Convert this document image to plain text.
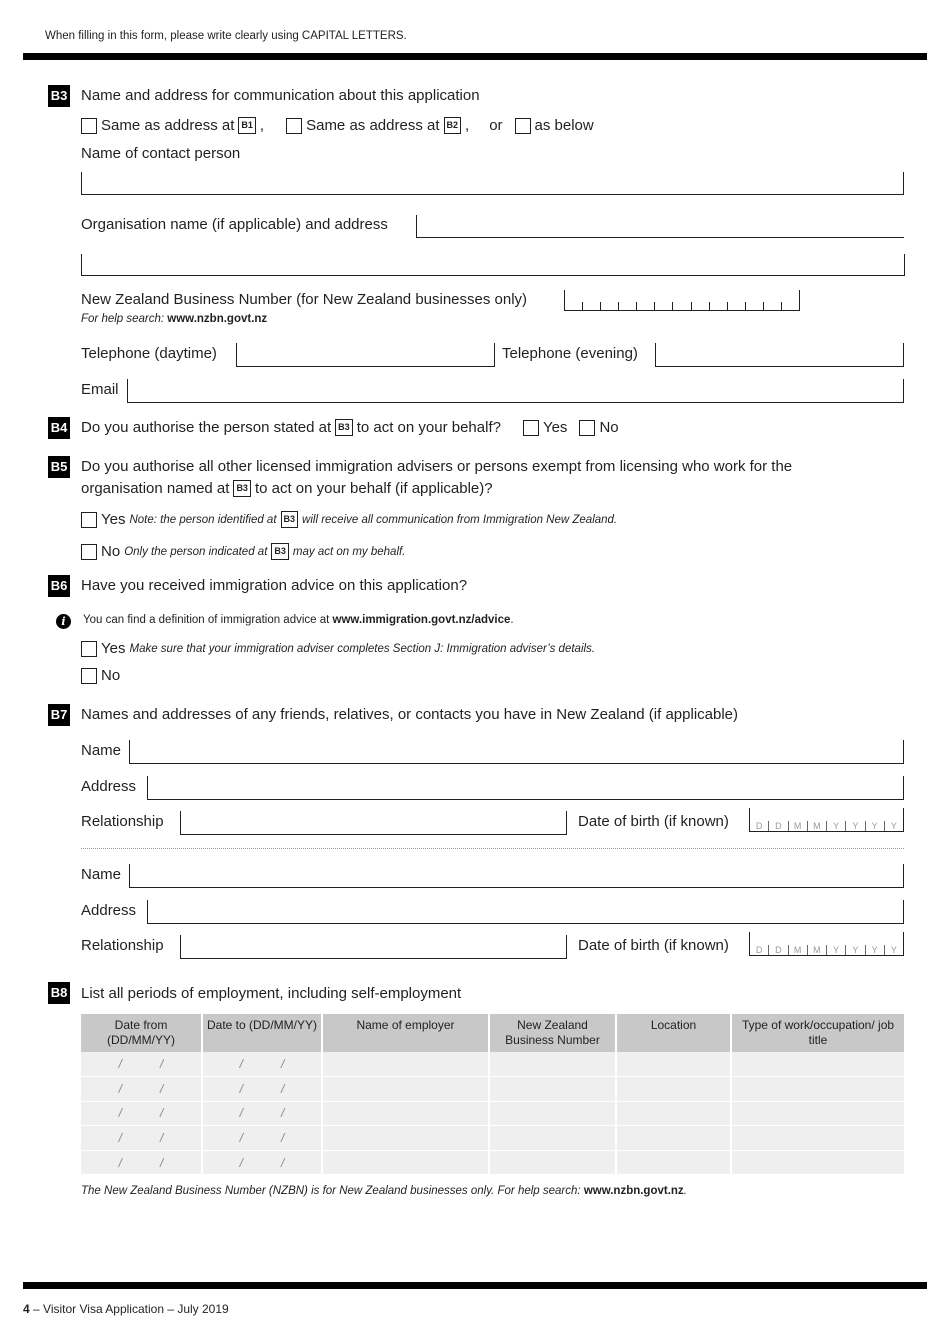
When filling in this form, please write clearly using CAPITAL LETTERS.
B3 Name and address for communication about this application
Same as address at B1 ,	Same as address at B2 , or as below
Name of contact person
Organisation name (if applicable) and address
New Zealand Business Number (for New Zealand businesses only)
For help search: www.nzbn.govt.nz
Telephone (daytime)	Telephone (evening)
Email
B4 Do you authorise the person stated at B3 to act on your behalf?	Yes No
B5 Do you authorise all other licensed immigration advisers or persons exempt from licensing who work for the
organisation named at B3 to act on your behalf (if applicable)?
Yes Note: the person identified at B3 will receive all communication from Immigration New Zealand.
No Only the person indicated at B3 may act on my behalf.
B6 Have you received immigration advice on this application?
i	You can find a definition of immigration advice at www.immigration.govt.nz/advice.
Yes Make sure that your immigration adviser completes Section J: Immigration adviser’s details.
No
B7 Names and addresses of any friends, relatives, or contacts you have in New Zealand (if applicable)
Name
Address
Relationship	Date of birth (if known)	D	D	M	M	Y	Y	Y	Y
Name
Address
Relationship	Date of birth (if known)	D	D	M	M	Y	Y	Y	Y
B8 List all periods of employment, including self-employment
Date from (DD/MM/YY)	Date to (DD/MM/YY)	Name of employer	New Zealand Business Number	Location	Type of work/occupation/ job title

/ /	/ /				

/ /	/ /				

/ /	/ /				

/ /	/ /				

/ /	/ /				

The New Zealand Business Number (NZBN) is for New Zealand businesses only. For help search: www.nzbn.govt.nz.
4 – Visitor Visa Application – July 2019
